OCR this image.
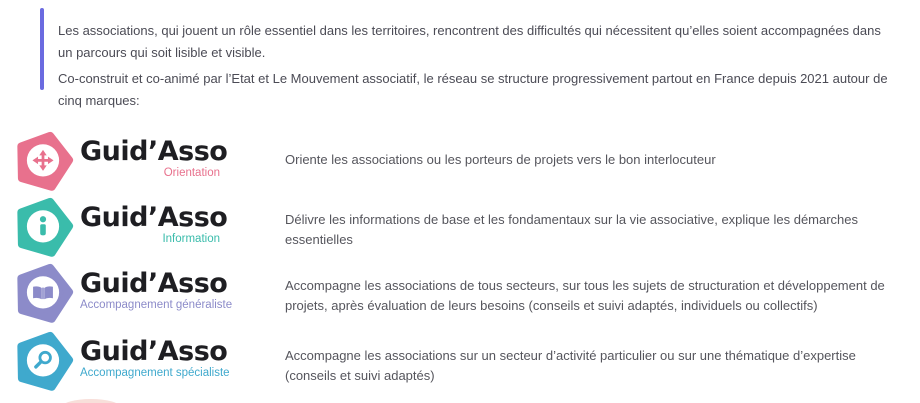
Les associations, qui jouent un rôle essentiel dans les territoires, rencontrent des difficultés qui nécessitent qu’elles soient accompagnées dans un parcours qui soit lisible et visible.

Co-construit et co-animé par l’Etat et Le Mouvement associatif, le réseau se structure progressivement partout en France depuis 2021 autour de cinq marques:

Guid’Asso
Orientation
Oriente les associations ou les porteurs de projets vers le bon interlocuteur
Guid’Asso
Information
Délivre les informations de base et les fondamentaux sur la vie associative, explique les démarches essentielles
Guid’Asso
Accompagnement généraliste
Accompagne les associations de tous secteurs, sur tous les sujets de structuration et développement de projets, après évaluation de leurs besoins (conseils et suivi adaptés, individuels ou collectifs)
Guid’Asso
Accompagnement spécialiste
Accompagne les associations sur un secteur d’activité particulier ou sur une thématique d’expertise (conseils et suivi adaptés)
